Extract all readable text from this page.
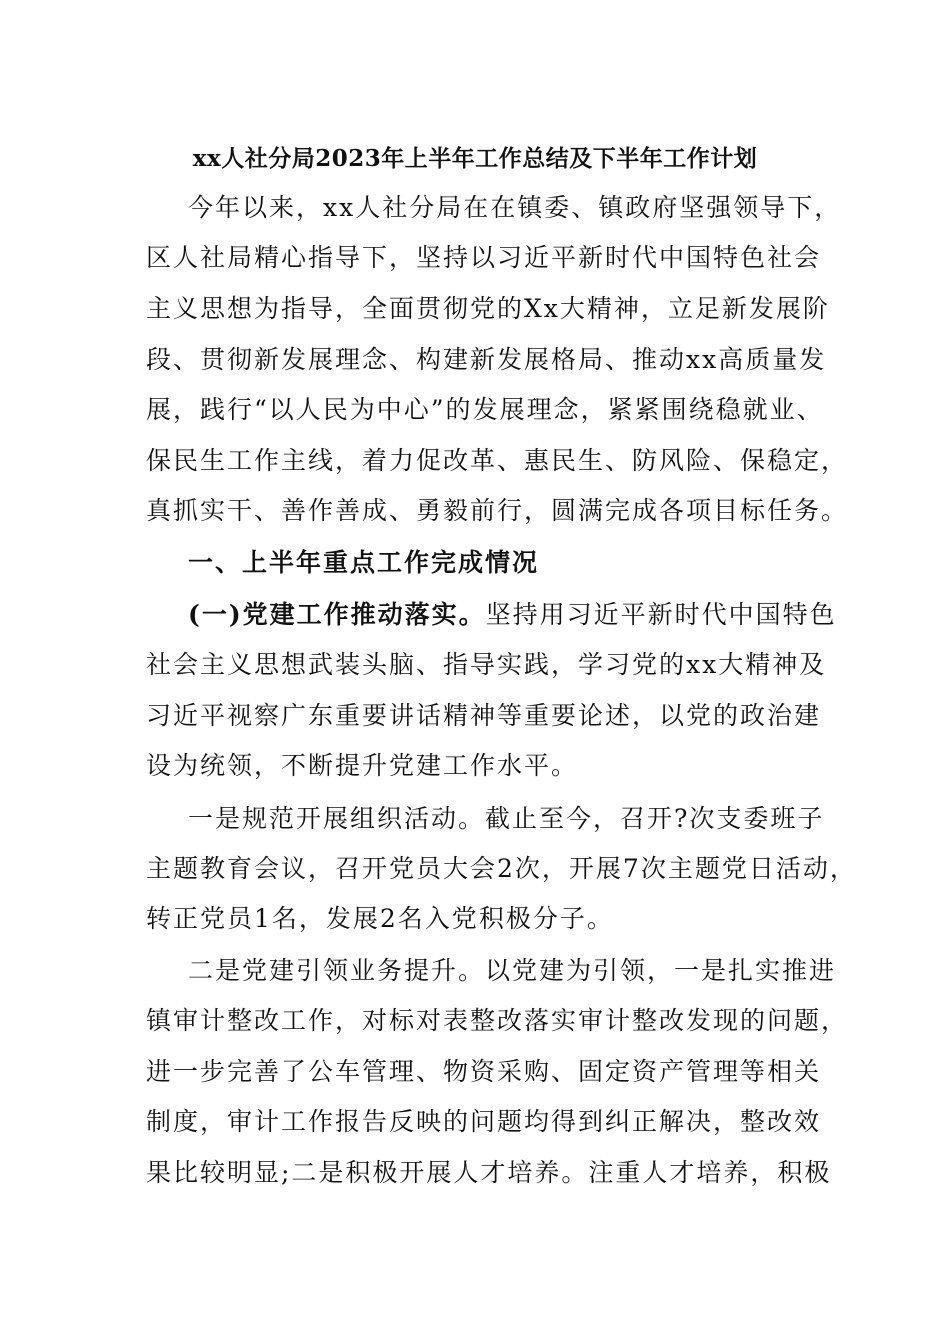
xx人社分局2023年上半年工作总结及下半年工作计划
今年以来，xx人社分局在在镇委、镇政府坚强领导下，
区人社局精心指导下，坚持以习近平新时代中国特色社会
主义思想为指导，全面贯彻党的Xx大精神，立足新发展阶
段、贯彻新发展理念、构建新发展格局、推动xx高质量发
展，践行“以人民为中心”的发展理念，紧紧围绕稳就业、
保民生工作主线，着力促改革、惠民生、防风险、保稳定，
真抓实干、善作善成、勇毅前行，圆满完成各项目标任务。
一、上半年重点工作完成情况
(一)党建工作推动落实。坚持用习近平新时代中国特色
社会主义思想武装头脑、指导实践，学习党的xx大精神及
习近平视察广东重要讲话精神等重要论述，以党的政治建
设为统领，不断提升党建工作水平。
一是规范开展组织活动。截止至今，召开?次支委班子
主题教育会议，召开党员大会2次，开展7次主题党日活动，
转正党员1名，发展2名入党积极分子。
二是党建引领业务提升。以党建为引领，一是扎实推进
镇审计整改工作，对标对表整改落实审计整改发现的问题，
进一步完善了公车管理、物资采购、固定资产管理等相关
制度，审计工作报告反映的问题均得到纠正解决，整改效
果比较明显;二是积极开展人才培养。注重人才培养，积极
